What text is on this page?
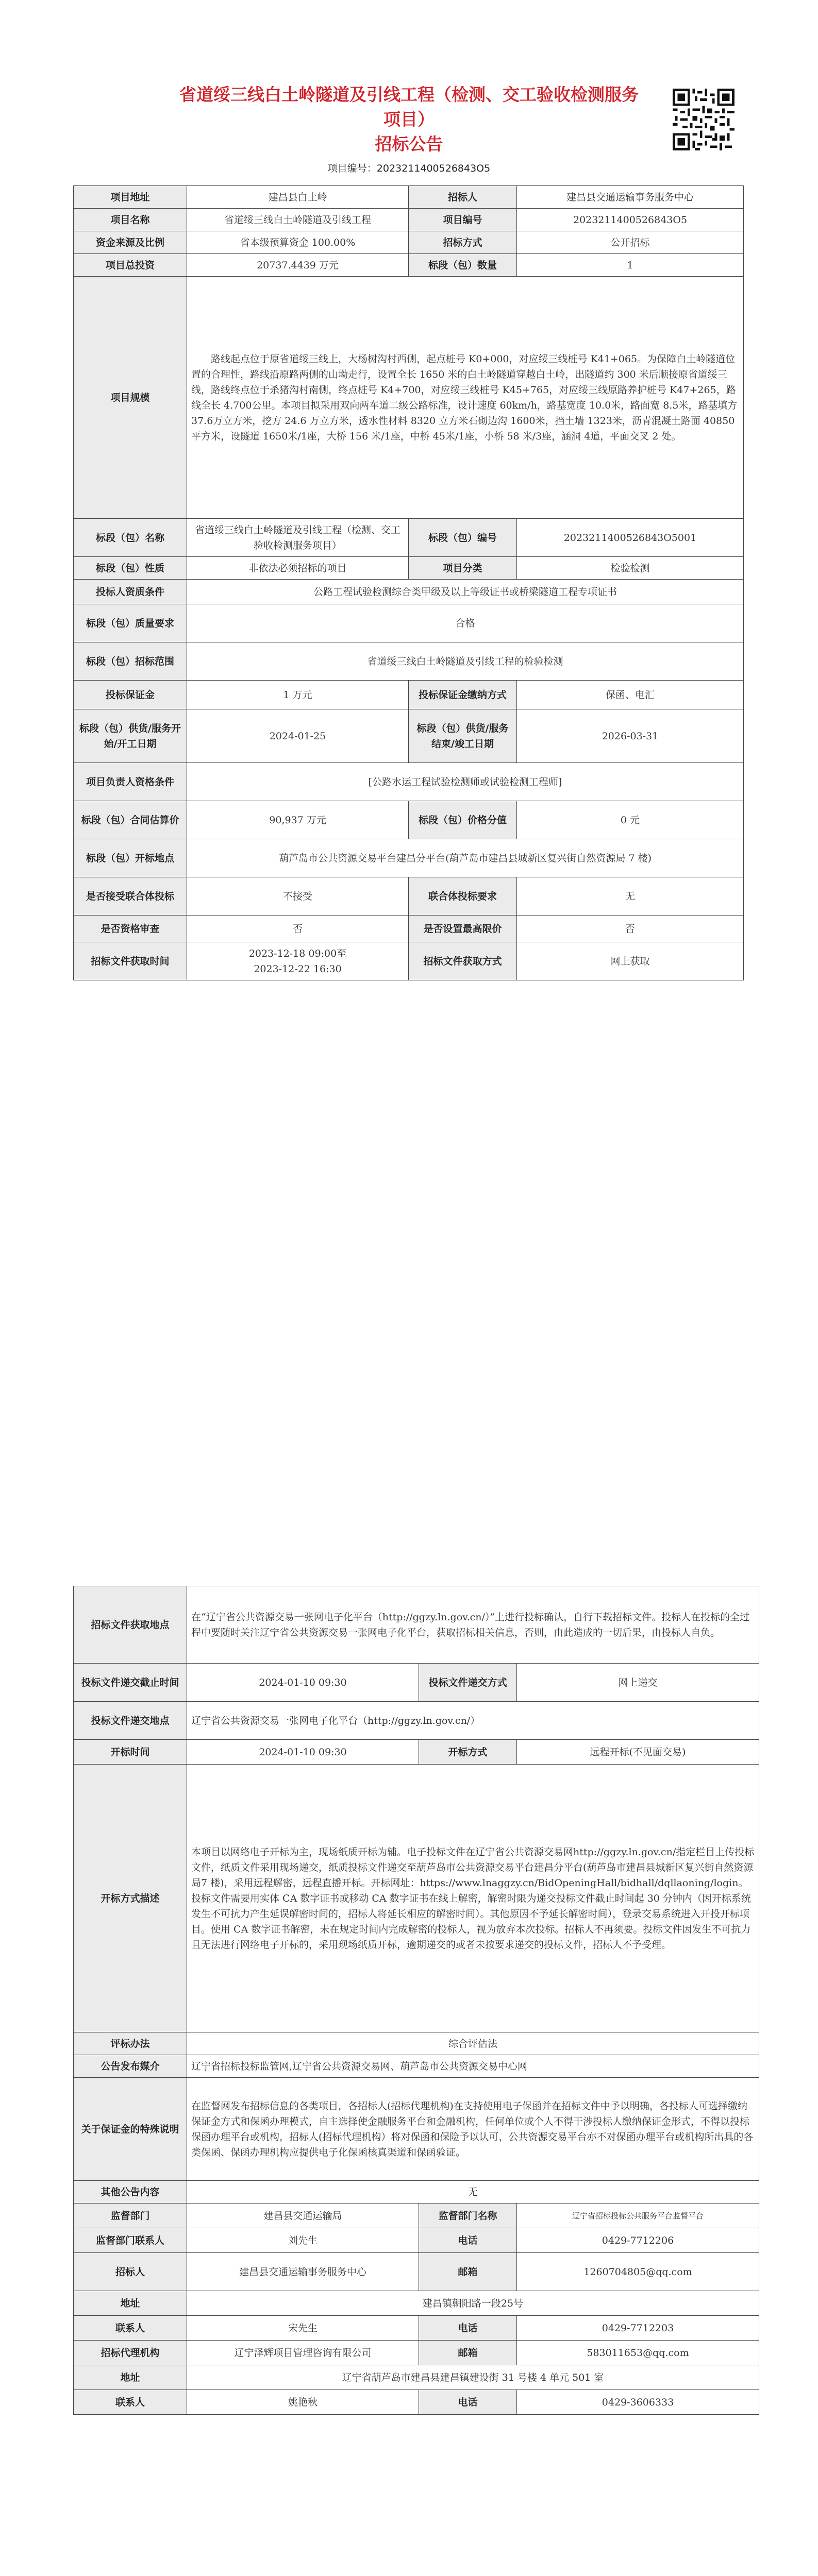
省道绥三线白土岭隧道及引线工程（检测、交工验收检测服务
项目）
招标公告
项目编号：2023211400526843O5
项目地址	建昌县白土岭	招标人	建昌县交通运输事务服务中心
项目名称	省道绥三线白土岭隧道及引线工程	项目编号	2023211400526843O5
资金来源及比例	省本级预算资金 100.00%	招标方式	公开招标
项目总投资	20737.4439 万元	标段（包）数量	1
项目规模	路线起点位于原省道绥三线上，大杨树沟村西侧，起点桩号 K0+000，对应绥三线桩号 K41+065。为保障白土岭隧道位置的合理性，路线沿原路两侧的山坳走行，设置全长 1650 米的白土岭隧道穿越白土岭，出隧道约 300 米后顺接原省道绥三线，路线终点位于杀猪沟村南侧，终点桩号 K4+700，对应绥三线桩号 K45+765，对应绥三线原路养护桩号 K47+265，路线全长 4.700公里。本项目拟采用双向两车道二级公路标准，设计速度 60km/h，路基宽度 10.0米，路面宽 8.5米，路基填方 37.6万立方米，挖方 24.6 万立方米，透水性材料 8320 立方米石砌边沟 1600米，挡土墙 1323米，沥青混凝土路面 40850平方米，设隧道 1650米/1座，大桥 156 米/1座，中桥 45米/1座，小桥 58 米/3座，涵洞 4道，平面交叉 2 处。		
标段（包）名称	省道绥三线白土岭隧道及引线工程（检测、交工验收检测服务项目）	标段（包）编号	2023211400526843O5001
标段（包）性质	非依法必须招标的项目	项目分类	检验检测
投标人资质条件	公路工程试验检测综合类甲级及以上等级证书或桥梁隧道工程专项证书		
标段（包）质量要求	合格		
标段（包）招标范围	省道绥三线白土岭隧道及引线工程的检验检测		
投标保证金	1 万元	投标保证金缴纳方式	保函、电汇
标段（包）供货/服务开始/开工日期	2024-01-25	标段（包）供货/服务结束/竣工日期	2026-03-31
项目负责人资格条件	[公路水运工程试验检测师或试验检测工程师]		
标段（包）合同估算价	90,937 万元	标段（包）价格分值	0 元
标段（包）开标地点	葫芦岛市公共资源交易平台建昌分平台(葫芦岛市建昌县城新区复兴街自然资源局 7 楼)		
是否接受联合体投标	不接受	联合体投标要求	无
是否资格审查	否	是否设置最高限价	否
招标文件获取时间	2023-12-18 09:00至
2023-12-22 16:30	招标文件获取方式	网上获取
招标文件获取地点	在“辽宁省公共资源交易一张网电子化平台（http://ggzy.ln.gov.cn/）”上进行投标确认，自行下载招标文件。投标人在投标的全过程中要随时关注辽宁省公共资源交易一张网电子化平台，获取招标相关信息，否则，由此造成的一切后果，由投标人自负。		
投标文件递交截止时间	2024-01-10 09:30	投标文件递交方式	网上递交
投标文件递交地点	辽宁省公共资源交易一张网电子化平台（http://ggzy.ln.gov.cn/）		
开标时间	2024-01-10 09:30	开标方式	远程开标(不见面交易)
开标方式描述	本项目以网络电子开标为主，现场纸质开标为辅。电子投标文件在辽宁省公共资源交易网http://ggzy.ln.gov.cn/指定栏目上传投标文件，纸质文件采用现场递交，纸质投标文件递交至葫芦岛市公共资源交易平台建昌分平台(葫芦岛市建昌县城新区复兴街自然资源局7 楼)，采用远程解密，远程直播开标。开标网址：https://www.lnaggzy.cn/BidOpeningHall/bidhall/dqllaoning/login。投标文件需要用实体 CA 数字证书或移动 CA 数字证书在线上解密，解密时限为递交投标文件截止时间起 30 分钟内（因开标系统发生不可抗力产生延误解密时间的，招标人将延长相应的解密时间）。其他原因不予延长解密时间），登录交易系统进入开投开标项目。使用 CA 数字证书解密，未在规定时间内完成解密的投标人，视为放弃本次投标。招标人不再须要。投标文件因发生不可抗力且无法进行网络电子开标的，采用现场纸质开标，逾期递交的或者未按要求递交的投标文件，招标人不予受理。		
评标办法	综合评估法		
公告发布媒介	辽宁省招标投标监管网,辽宁省公共资源交易网、葫芦岛市公共资源交易中心网		
关于保证金的特殊说明	在监督网发布招标信息的各类项目，各招标人(招标代理机构)在支持使用电子保函并在招标文件中予以明确，各投标人可选择缴纳保证金方式和保函办理模式，自主选择使金融服务平台和金融机构，任何单位或个人不得干涉投标人缴纳保证金形式，不得以投标保函办理平台或机构，招标人(招标代理机构）将对保函和保险予以认可，公共资源交易平台亦不对保函办理平台或机构所出具的各类保函、保函办理机构应提供电子化保函核真渠道和保函验证。		
其他公告内容	无		
监督部门	建昌县交通运输局	监督部门名称	辽宁省招标投标公共服务平台监督平台
监督部门联系人	刘先生	电话	0429-7712206
招标人	建昌县交通运输事务服务中心	邮箱	1260704805@qq.com
地址	建昌镇朝阳路一段25号		
联系人	宋先生	电话	0429-7712203
招标代理机构	辽宁泽辉项目管理咨询有限公司	邮箱	583011653@qq.com
地址	辽宁省葫芦岛市建昌县建昌镇建设街 31 号楼 4 单元 501 室		
联系人	姚艳秋	电话	0429-3606333
